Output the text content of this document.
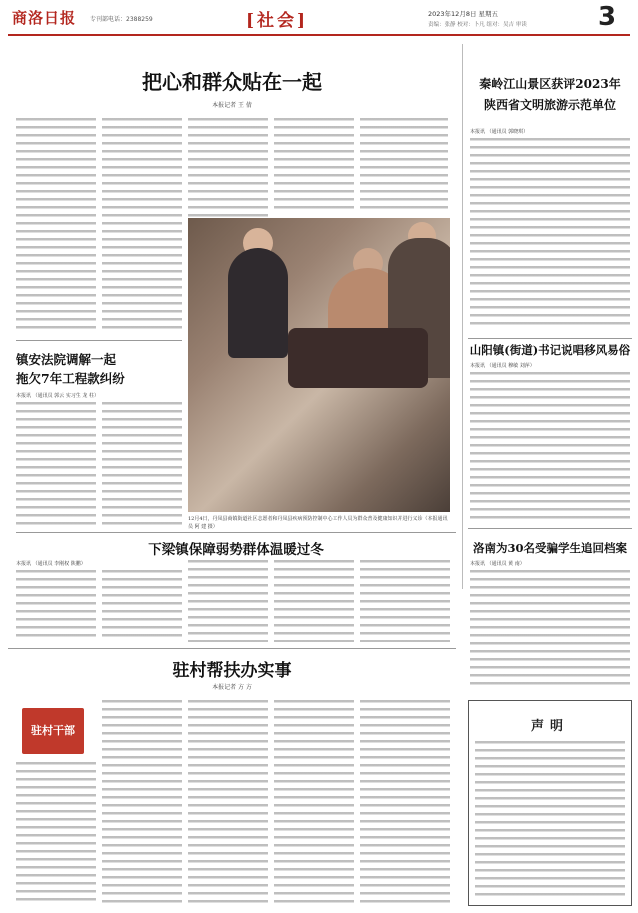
商洛日报 专刊部电话：2388259	[社会]	2023年12月8日 星期五
责编：张静 校对：卜凡 组对：吴吉 审读	3
把心和群众贴在一起
本报记者 王 倩
12月4日，丹凤县商镇街道社区志愿者和丹凤县疾病预防控制中心工作人员为群众普及健康知识并进行义诊（本报通讯员 阿 建 摄）
镇安法院调解一起
拖欠7年工程款纠纷
本报讯 （通讯员 郭云 实习生 龙 柱）
秦岭江山景区获评2023年
陕西省文明旅游示范单位
本报讯 （通讯员 郭晓琪）
山阳镇(街道)书记说唱移风易俗
本报讯 （通讯员 穆敏 刘萍）
洛南为30名受骗学生追回档案
本报讯 （通讯员 黄 南）
下梁镇保障弱势群体温暖过冬
本报讯 （通讯员 李刚权 陕鹏）
驻村帮扶办实事
本报记者 方 方
驻村干部	声明
